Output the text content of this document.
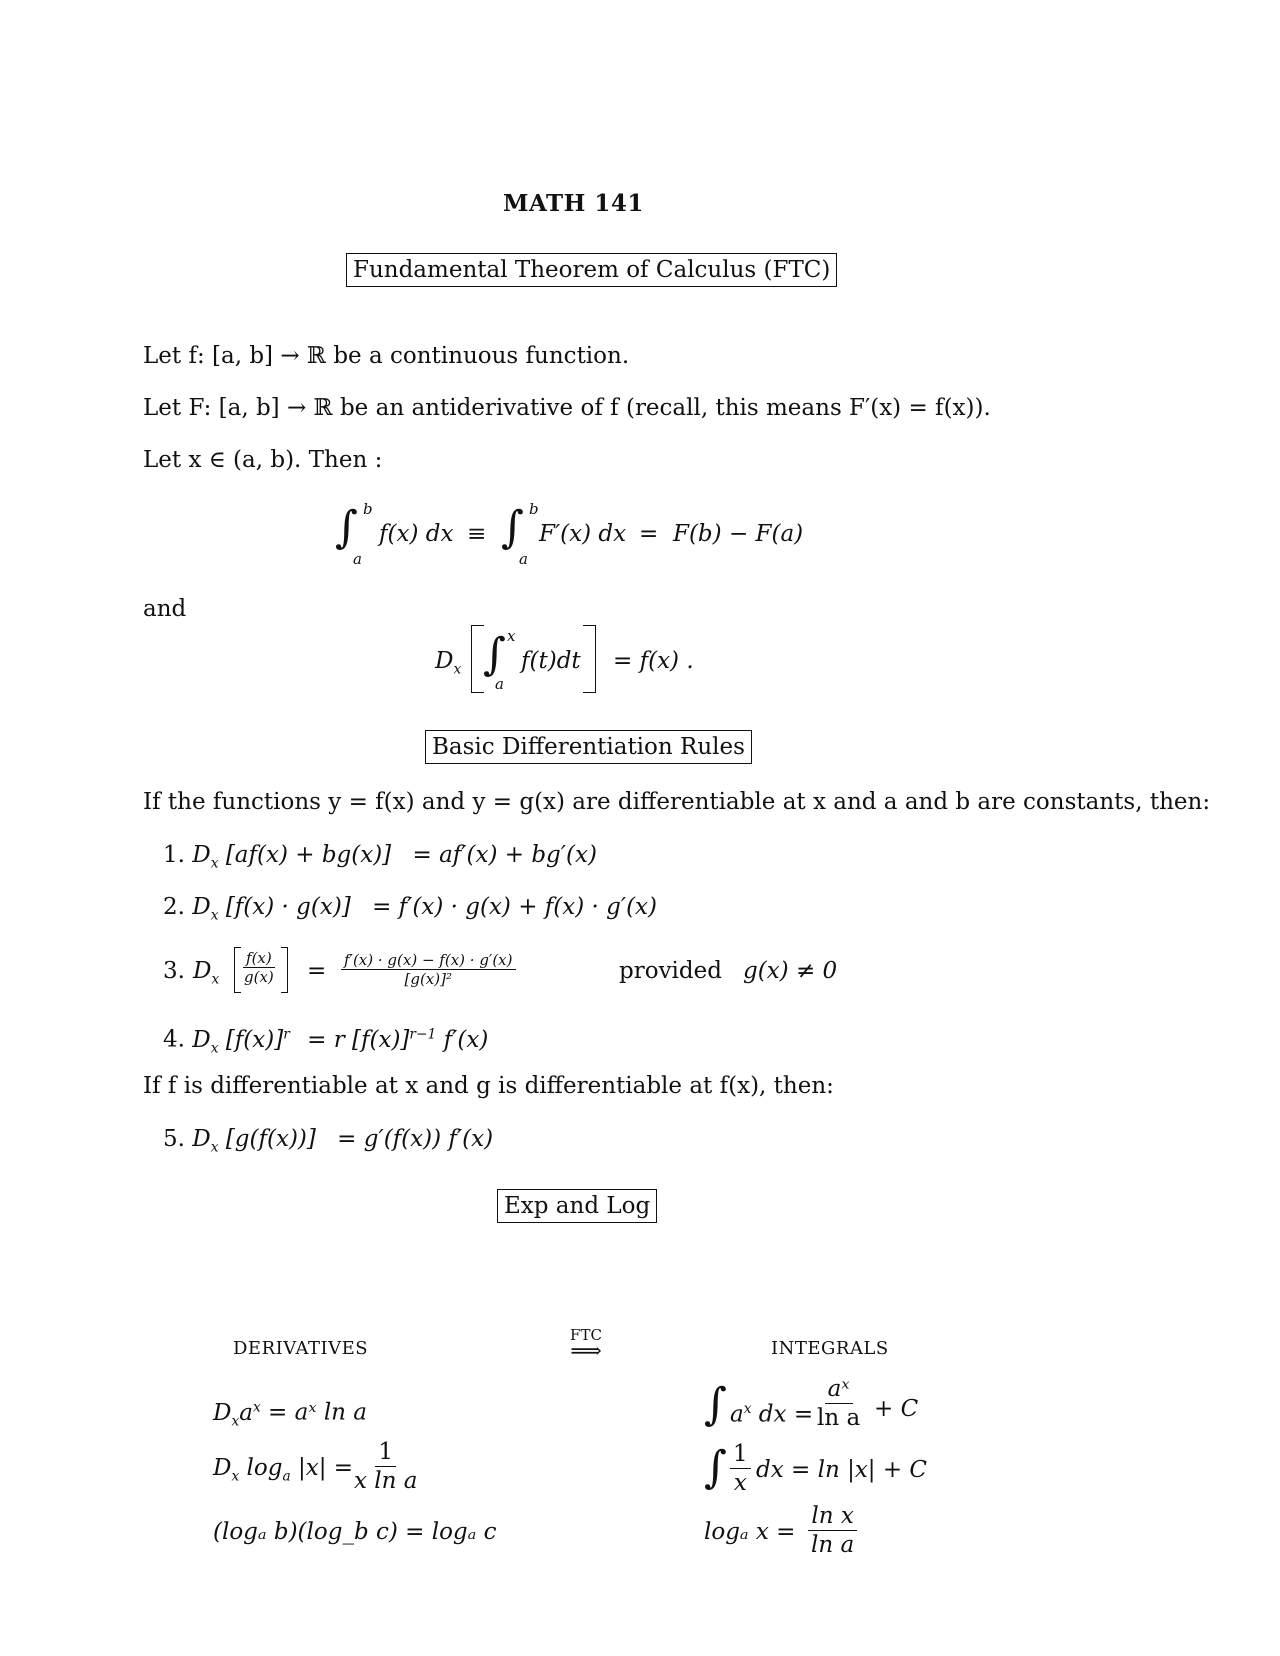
MATH 141
Fundamental Theorem of Calculus (FTC)
Let f: [a, b] → ℝ be a continuous function.
Let F: [a, b] → ℝ be an antiderivative of f (recall, this means F′(x) = f(x)).
Let x ∈ (a, b). Then :
∫ b
a
f(x) dx ≡ ∫ b
a
F′(x) dx = F(b) − F(a)
and
$D_x$ ∫ x
a
f(t)dt = f(x) .
Basic Differentiation Rules
If the functions y = f(x) and y = g(x) are differentiable at x and a and b are constants, then:
1. $D_x$ [af(x) + bg(x)] = af′(x) + bg′(x)
2. $D_x$ [f(x) · g(x)] = f′(x) · g(x) + f(x) · g′(x)
3. $D_x \frac{f(x)}{g(x)} = \frac{f'(x) \cdot g(x) - f(x) \cdot g'(x)}{\text{[g(x)]²}}$	provided g(x) ≠ 0
4. $D_x$ $[f(x)]^r = r$ $[f(x)]^{r-1}$ f′(x)
If f is differentiable at x and g is differentiable at f(x), then:
5. $D_x$ [g(f(x))] = g′(f(x)) f′(x)
Exp and Log
DERIVATIVES
FTC
⟹	INTEGRALS
$D_xa^x$ = aˣ ln a
$D_x$ $\log_a |x|$ =
$\frac{1}{\text{x ln a}}$
(logₐ b)(log_b c) = logₐ c
∫ $a^x$ dx = $\frac{\text{aˣ}}{\text{ln a}} + C$
∫ $\frac{1}{x}$ dx = ln |x| + C
logₐ $x = \frac{\text{ln x}}{\text{ln a}}$
